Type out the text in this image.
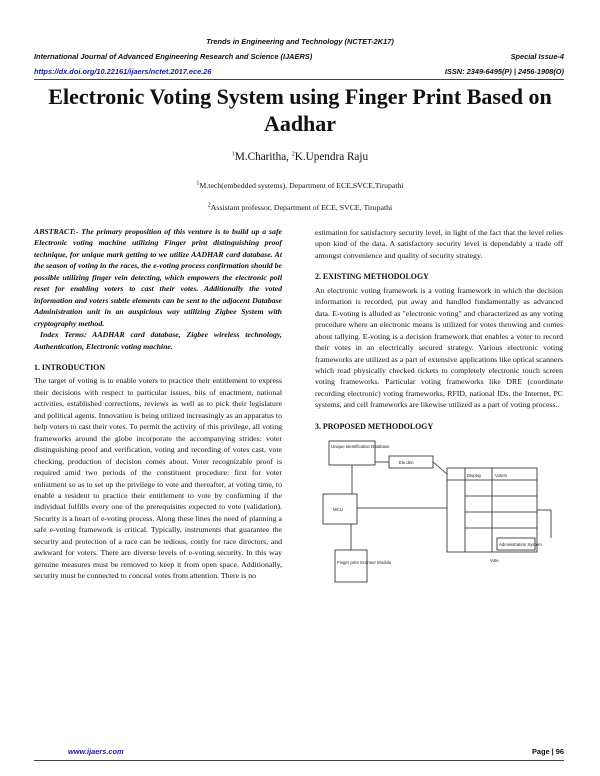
Trends in Engineering and Technology (NCTET-2K17)
International Journal of Advanced Engineering Research and Science (IJAERS)	Special Issue-4
https://dx.doi.org/10.22161/ijaers/nctet.2017.ece.26	ISSN: 2349-6495(P) | 2456-1908(O)
Electronic Voting System using Finger Print Based on Aadhar
$^1$M.Charitha, $^2$K.Upendra Raju
$^1$M.tech(embedded systems), Department of ECE,SVCE,Tirupathi
$^2$Assistant professor, Department of ECE, SVCE, Tirupathi

ABSTRACT:- The primary proposition of this venture is to build up a safe Electronic voting machine utilizing Finger print distinguishing proof technique, for unique mark getting to we utilize AADHAR card database. At the season of voting in the races, the e-voting process confirmation should be possible utilizing finger vein detecting, which empowers the electronic poll reset for enabling voters to cast their votes. Additionally the voted information and voters subtle elements can be sent to the adjacent Database Administration unit in an auspicious way utilizing Zigbee System with cryptography method.

Index Terms: AADHAR card database, Zigbee wireless technology, Authentication, Electronic voting machine.

1. INTRODUCTION

The target of voting is to enable voters to practice their entitlement to express their decisions with respect to particular issues, bits of enactment, national activities, established corrections, reviews as well as to pick their legislature and political agents. Innovation is being utilized increasingly as an apparatus to help voters to cast their votes. To permit the activity of this privilege, all voting frameworks around the globe incorporate the accompanying strides: voter distinguishing proof and verification, voting and recording of votes cast, vote checking, production of decision comes about. Voter recognizable proof is required amid two periods of the constituent procedure: first for voter enlistment so as to set up the privilege to vote and thereafter, at voting time, to enable a resident to practice their entitlement to vote by confirming if the individual fulfills every one of the prerequisites expected to vote (validation). Security is a heart of e-voting process. Along these lines the need of planning a safe e-voting framework is critical. Typically, instruments that guarantee the security and protection of a race can be tedious, costly for race directors, and awkward for voters. There are diverse levels of e-voting security. In this way genuine measures must be removed to keep it from open space. Additionally, security must be connected to conceal votes from attention. There is no

estimation for satisfactory security level, in light of the fact that the level relies upon kind of the data. A satisfactory security level is dependably a trade off amongst convenience and quality of security strategy.

2. EXISTING METHODOLOGY

An electronic voting framework is a voting framework in which the decision information is recorded, put away and handled fundamentally as advanced data. E-voting is alluded as "electronic voting" and characterized as any voting procedure where an electronic means is utilized for votes throwing and comes about tallying. E-voting is a decision framework that enables a voter to record their votes in an electrically secured strategy. Various electronic voting frameworks are utilized as a part of extensive applications like optical scanners which read physically checked tickets to completely electronic touch screen voting frameworks. Particular voting frameworks like DRE (coordinate recording electronic) voting frameworks, RFID, national IDs, the Internet, PC systems, and cell frameworks are likewise utilized as a part of voting process..

3. PROPOSED METHODOLOGY

Unique Identification Database
Ele.den
MCU
Finger print Scanner Module	Vote
Administration System
Display	Voters
www.ijaers.com	Page | 96
